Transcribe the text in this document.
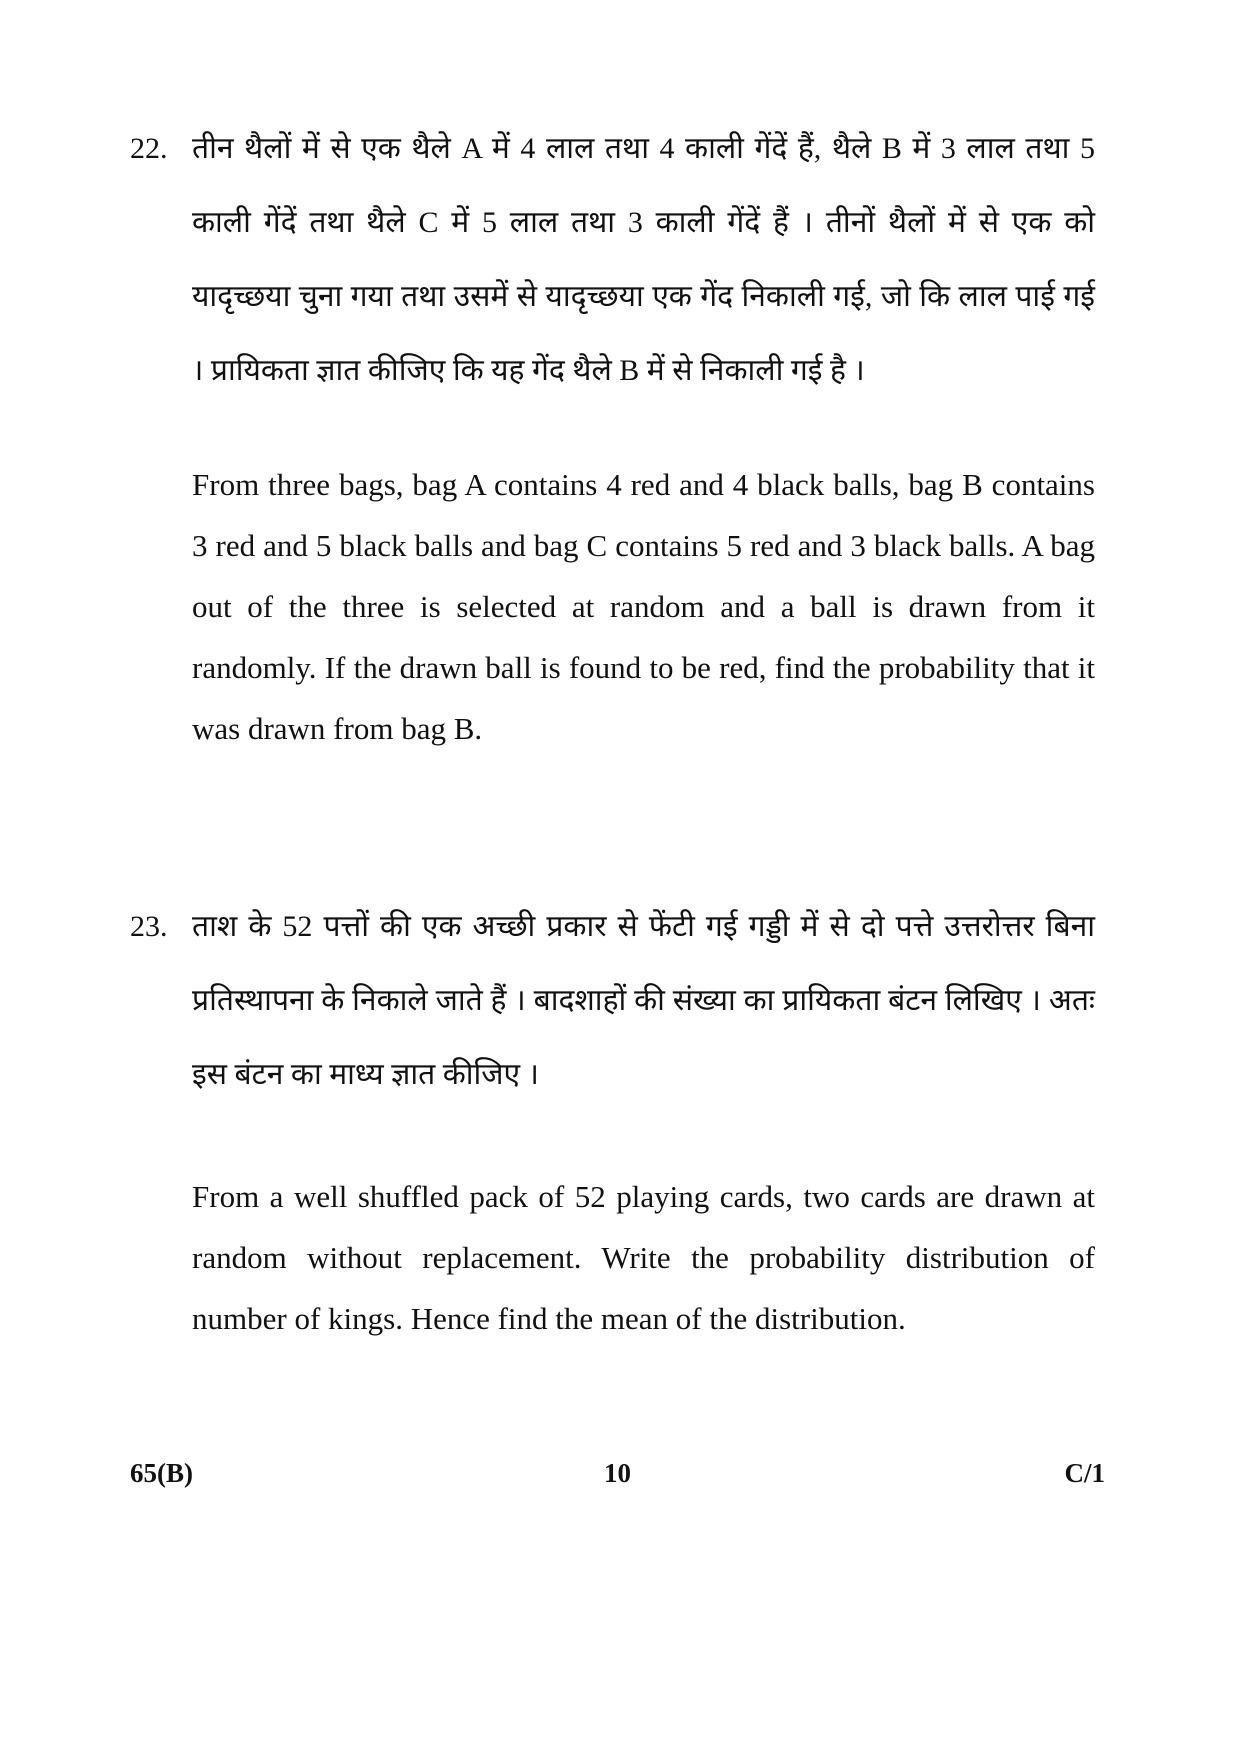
22. तीन थैलों में से एक थैले A में 4 लाल तथा 4 काली गेंदें हैं, थैले B में 3 लाल तथा 5 काली गेंदें तथा थैले C में 5 लाल तथा 3 काली गेंदें हैं । तीनों थैलों में से एक को यादृच्छया चुना गया तथा उसमें से यादृच्छया एक गेंद निकाली गई, जो कि लाल पाई गई । प्रायिकता ज्ञात कीजिए कि यह गेंद थैले B में से निकाली गई है ।

From three bags, bag A contains 4 red and 4 black balls, bag B contains 3 red and 5 black balls and bag C contains 5 red and 3 black balls. A bag out of the three is selected at random and a ball is drawn from it randomly. If the drawn ball is found to be red, find the probability that it was drawn from bag B.

23. ताश के 52 पत्तों की एक अच्छी प्रकार से फेंटी गई गड्डी में से दो पत्ते उत्तरोत्तर बिना प्रतिस्थापना के निकाले जाते हैं । बादशाहों की संख्या का प्रायिकता बंटन लिखिए । अतः इस बंटन का माध्य ज्ञात कीजिए ।

From a well shuffled pack of 52 playing cards, two cards are drawn at random without replacement. Write the probability distribution of number of kings. Hence find the mean of the distribution.

65(B)	10	C/1
